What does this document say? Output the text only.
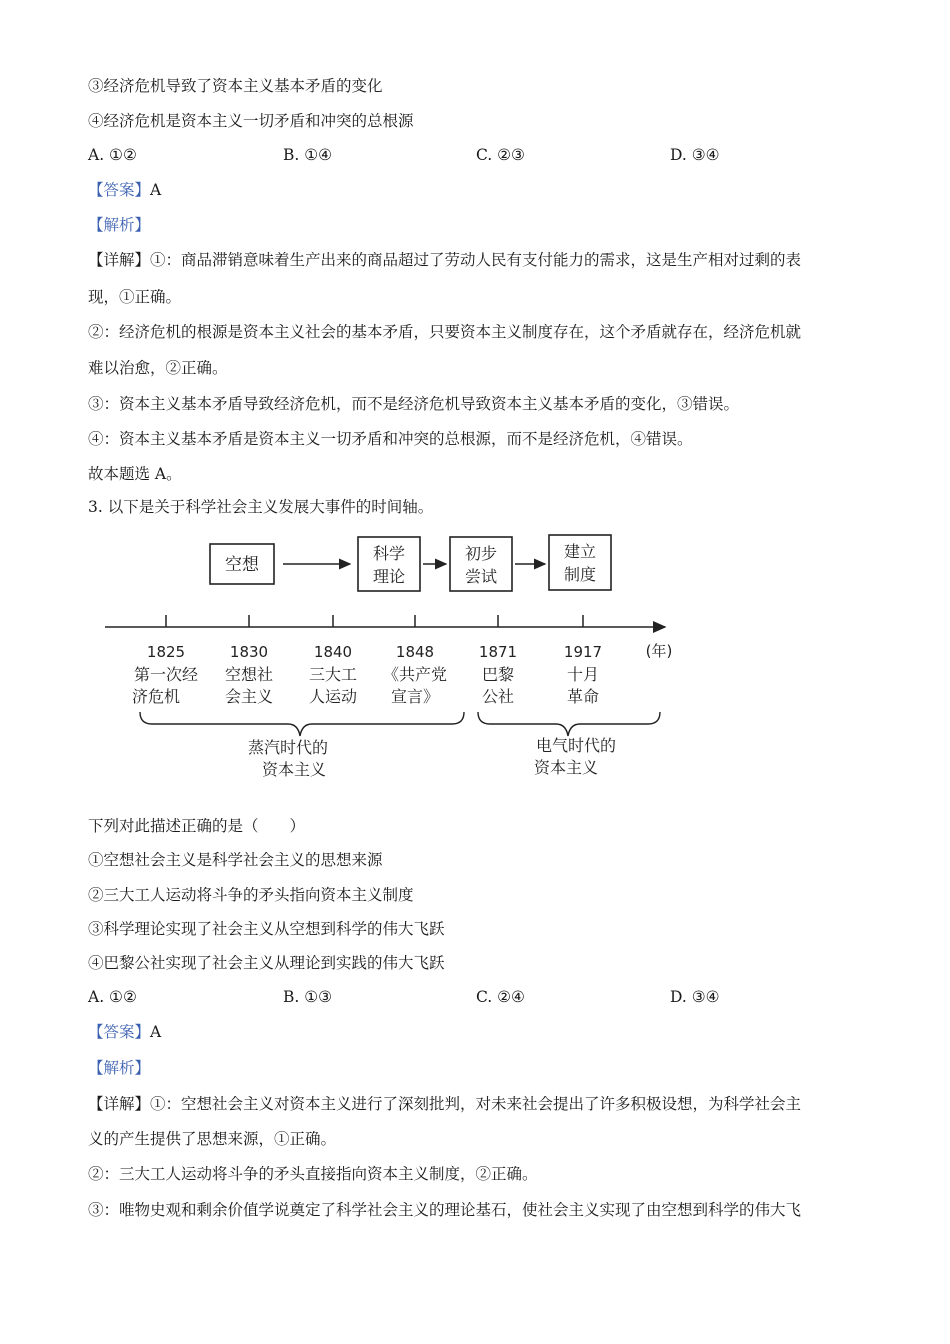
③经济危机导致了资本主义基本矛盾的变化
④经济危机是资本主义一切矛盾和冲突的总根源
A. ①②	B. ①④	C. ②③	D. ③④
【答案】A
【解析】
【详解】①：商品滞销意味着生产出来的商品超过了劳动人民有支付能力的需求，这是生产相对过剩的表
现，①正确。
②：经济危机的根源是资本主义社会的基本矛盾，只要资本主义制度存在，这个矛盾就存在，经济危机就
难以治愈，②正确。
③：资本主义基本矛盾导致经济危机，而不是经济危机导致资本主义基本矛盾的变化，③错误。
④：资本主义基本矛盾是资本主义一切矛盾和冲突的总根源，而不是经济危机，④错误。
故本题选 A。
3. 以下是关于科学社会主义发展大事件的时间轴。
空想
科学
理论
初步
尝试
建立
制度
1825	1830	1840	1848	1871	1917	(年)
第一次经
济危机
空想社
会主义
三大工
人运动
《共产党
宣言》
巴黎
公社
十月
革命
蒸汽时代的
资本主义
电气时代的
资本主义
下列对此描述正确的是（　　）
①空想社会主义是科学社会主义的思想来源
②三大工人运动将斗争的矛头指向资本主义制度
③科学理论实现了社会主义从空想到科学的伟大飞跃
④巴黎公社实现了社会主义从理论到实践的伟大飞跃
A. ①②	B. ①③	C. ②④	D. ③④
【答案】A
【解析】
【详解】①：空想社会主义对资本主义进行了深刻批判，对未来社会提出了许多积极设想，为科学社会主
义的产生提供了思想来源，①正确。
②：三大工人运动将斗争的矛头直接指向资本主义制度，②正确。
③：唯物史观和剩余价值学说奠定了科学社会主义的理论基石，使社会主义实现了由空想到科学的伟大飞
